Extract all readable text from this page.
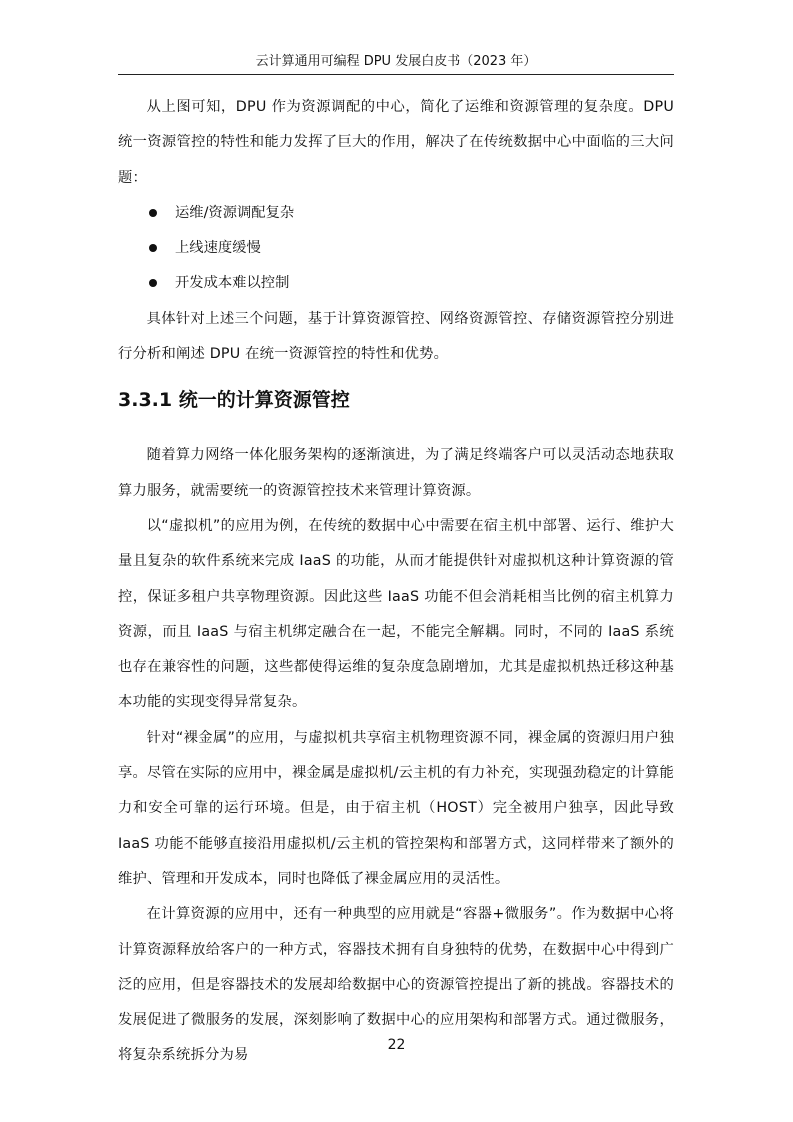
云计算通用可编程 DPU 发展白皮书（2023 年）

从上图可知，DPU 作为资源调配的中心，简化了运维和资源管理的复杂度。DPU 统一资源管控的特性和能力发挥了巨大的作用，解决了在传统数据中心中面临的三大问题：

运维/资源调配复杂
上线速度缓慢
开发成本难以控制

具体针对上述三个问题，基于计算资源管控、网络资源管控、存储资源管控分别进行分析和阐述 DPU 在统一资源管控的特性和优势。

3.3.1 统一的计算资源管控

随着算力网络一体化服务架构的逐渐演进，为了满足终端客户可以灵活动态地获取算力服务，就需要统一的资源管控技术来管理计算资源。

以“虚拟机”的应用为例，在传统的数据中心中需要在宿主机中部署、运行、维护大量且复杂的软件系统来完成 IaaS 的功能，从而才能提供针对虚拟机这种计算资源的管控，保证多租户共享物理资源。因此这些 IaaS 功能不但会消耗相当比例的宿主机算力资源，而且 IaaS 与宿主机绑定融合在一起，不能完全解耦。同时，不同的 IaaS 系统也存在兼容性的问题，这些都使得运维的复杂度急剧增加，尤其是虚拟机热迁移这种基本功能的实现变得异常复杂。

针对“裸金属”的应用，与虚拟机共享宿主机物理资源不同，裸金属的资源归用户独享。尽管在实际的应用中，裸金属是虚拟机/云主机的有力补充，实现强劲稳定的计算能力和安全可靠的运行环境。但是，由于宿主机（HOST）完全被用户独享，因此导致 IaaS 功能不能够直接沿用虚拟机/云主机的管控架构和部署方式，这同样带来了额外的维护、管理和开发成本，同时也降低了裸金属应用的灵活性。

在计算资源的应用中，还有一种典型的应用就是“容器+微服务”。作为数据中心将计算资源释放给客户的一种方式，容器技术拥有自身独特的优势，在数据中心中得到广泛的应用，但是容器技术的发展却给数据中心的资源管控提出了新的挑战。容器技术的发展促进了微服务的发展，深刻影响了数据中心的应用架构和部署方式。通过微服务，将复杂系统拆分为易

22
